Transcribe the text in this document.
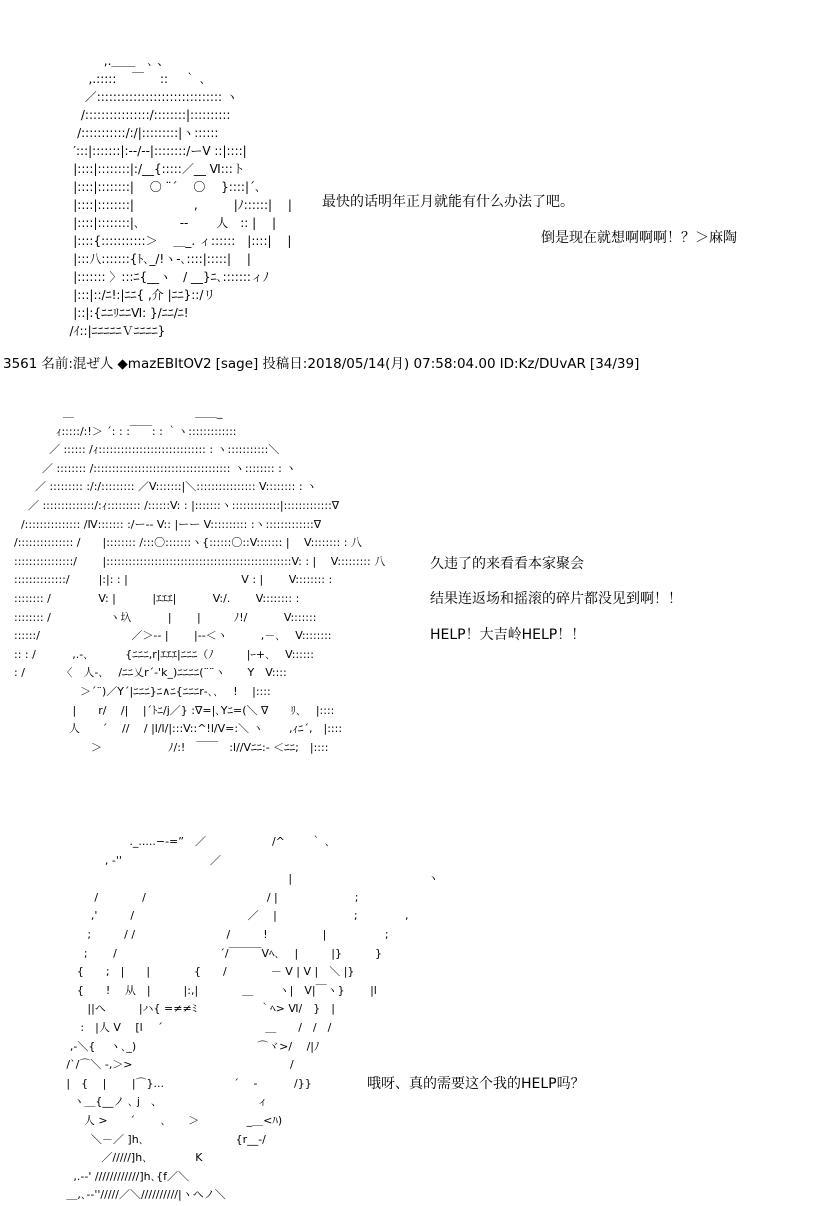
,.＿＿　､ 、
,.:::::　 ￣ 　::　 ｀ ､
／::::::::::::::::::::::::::::::: ヽ
/::::::::::::::::/::::::::|::::::::::
/:::::::::::/:/|:::::::::|ヽ::::::
′:::|:::::::|:--/--|::::::::/ーV ::|::::|
|::::|::::::::|:/__{:::::／__ Ⅵ:::ト
|::::|::::::::|　 〇 ¨´　 〇 　}::::|´､
|::::|::::::::|　　　　　,　　　|ﾉ::::::|　 |
|::::|::::::::|､　　　 ‐‐　　 人　:: |　 |
|::::{:::::::::::＞　 ＿_. ィ::::::　|::::|　 |
|:::八:::::::{ﾄ､_/!ヽ-､::::|:::::|　 |
|::::::: 〉:::ﾆ{__ヽ　/ __}ﾆ､:::::::ィﾉ
|:::|::/ﾆ!:|ﾆﾆ{ ,介 |ﾆﾆ}::/リ
|::|:{ﾆﾆﾘﾆﾆⅥ: }/ﾆﾆ/ﾆ!
/ｲ::|ﾆﾆﾆﾆﾆＶﾆﾆﾆﾆ}
最快的话明年正月就能有什么办法了吧。
倒是现在就想啊啊啊！？＞麻陶
3561 名前:混ぜ人 ◆mazEBItOV2 [sage] 投稿日:2018/05/14(月) 07:58:04.00 ID:Kz/DUvAR [34/39]
＿　　　　　　　　　　　＿＿_
ｨ:::::/:!＞ ´: : :￣￣: : ｀ヽ:::::::::::::
／ :::::: /ｨ::::::::::::::::::::::::::::: : ヽ:::::::::::＼
／ :::::::: /::::::::::::::::::::::::::::::::::::: ヽ:::::::: : ヽ
／ ::::::::: :/:/::::::::: ／V:::::::|＼:::::::::::::::: V:::::::: : ヽ
／ ::::::::::::::/:ｨ::::::::: /::::::V: : |:::::::ヽ:::::::::::::|:::::::::::::∇
/::::::::::::::: /Ⅳ::::::: :/ー‐‐ V:: |ーー V:::::::::: :ヽ:::::::::::::∇
/::::::::::::::: /　　|:::::::: /:::〇:::::::ヽ{::::::〇::V::::::: |　 V:::::::: : 八
::::::::::::::::/　　 |::::::::::::::::::::::::::::::::::::::::::::::::::V: : |　 V::::::::: 八
::::::::::::::/ 　　 |:|: : |　　　　　　　　　　 V : |　　 V:::::::: :
:::::::: /　　　　 V: |　　　 |ｴｴｴ|　　　 V:/.　　 V:::::::: :
:::::::: /　　　　　 ヽ圦　　　 |　　 |　　　ﾉ!/　　　 V:::::::
::::::/ 　　　　　　　　／＞-- |　　 |--＜ヽ　　　,－､　 V::::::::
:: : /　　　 ,.-､　　　 {ﾆﾆﾆ,r|ｴｴｴ|ﾆﾆﾆ（ﾉ　　　|ｰ+､　 V::::::
: /　　　 〈　人-､　 /ﾆﾆ乂r´-'k_)ﾆﾆﾆﾆ(¨¨ヽ　　Y　V::::
　　　　　　＞´¨)／Y´|ﾆﾆﾆ}ﾆ∧ﾆ{ﾆﾆﾆr‐､､　 ! 　|::::
　　　　　 |　　r/　 /|　 |´ﾄﾆ/j／} :∇=|､Yﾆ=(＼ ∇　　ﾘ､　 |::::
　　　　　人　　´ 　//　 / |l/l/|:::V::^!l/V=:＼ ヽ　　 ,ｨﾆ´,　|::::
　　　　　　　＞　　　　　　ﾉ/:!　￣￣　:l//Vﾆﾆ:‐ ＜ﾆﾆ;　|::::
久违了的来看看本家聚会
结果连返场和摇滚的碎片都没见到啊！！
HELP！大吉岭HELP！！
._.....−‐=”　／　　　　　　/^　　 ｀ ､
, -''　　　　　　　　／
　　　　　　　　　　　　　　　　　|　　　　　　　　　　　　 ヽ
/　　　　/　　　　　　　　　　　/ |　　　　　　　;
,'　　　/　　　　　　　　　　 ／ 　|　　　　　　　;　　　　 ,
;　　　/ /　　　　　　　　 /　　　!　　　　　|　　　　　 ;
;　　 /　　　　　　　　　 ´/￣￣￣Vﾍ､　 |　　　|}　　　}
{　　;　|　　|　　　　{　　/　　　　－ V | V |　＼ |}
{　　!　 从　|　　　|:,|　　　　＿ 　　ヽ|　V|￣ヽ}　　 |l
||ヘ　　　|ハ{ =≠≠ﾐ 　　　　　 ｀ﾍ> Ⅵ/　}　|
:　|人 V　 [l 　´　　　　　　　　　 ＿　　/　/　/
,-＼{　 ヽ､_)　　　　　　　　　　　⌒ヾ>/　 /|ﾉ
/`/⌒＼ -,＞>　　　　　　　　　　　　　　 /
|　{　 |　　 |⌒}...　　　　　　 ´　 -　　　 /}}
ヽ＿{__ノ ､ j　、 　　　　　　　　 ィ
人 >　　´　　 ､　　＞　　　　 _＿<ﾊ)
＼－／ ]h､　　　　　　　　 {r__‐/
／/////]h､　　　　 K
,.-‐' ////////////]h､{f／＼
＿,､-‐''/////／＼//////////|ヽヘノ＼
哦呀、真的需要这个我的HELP吗？
